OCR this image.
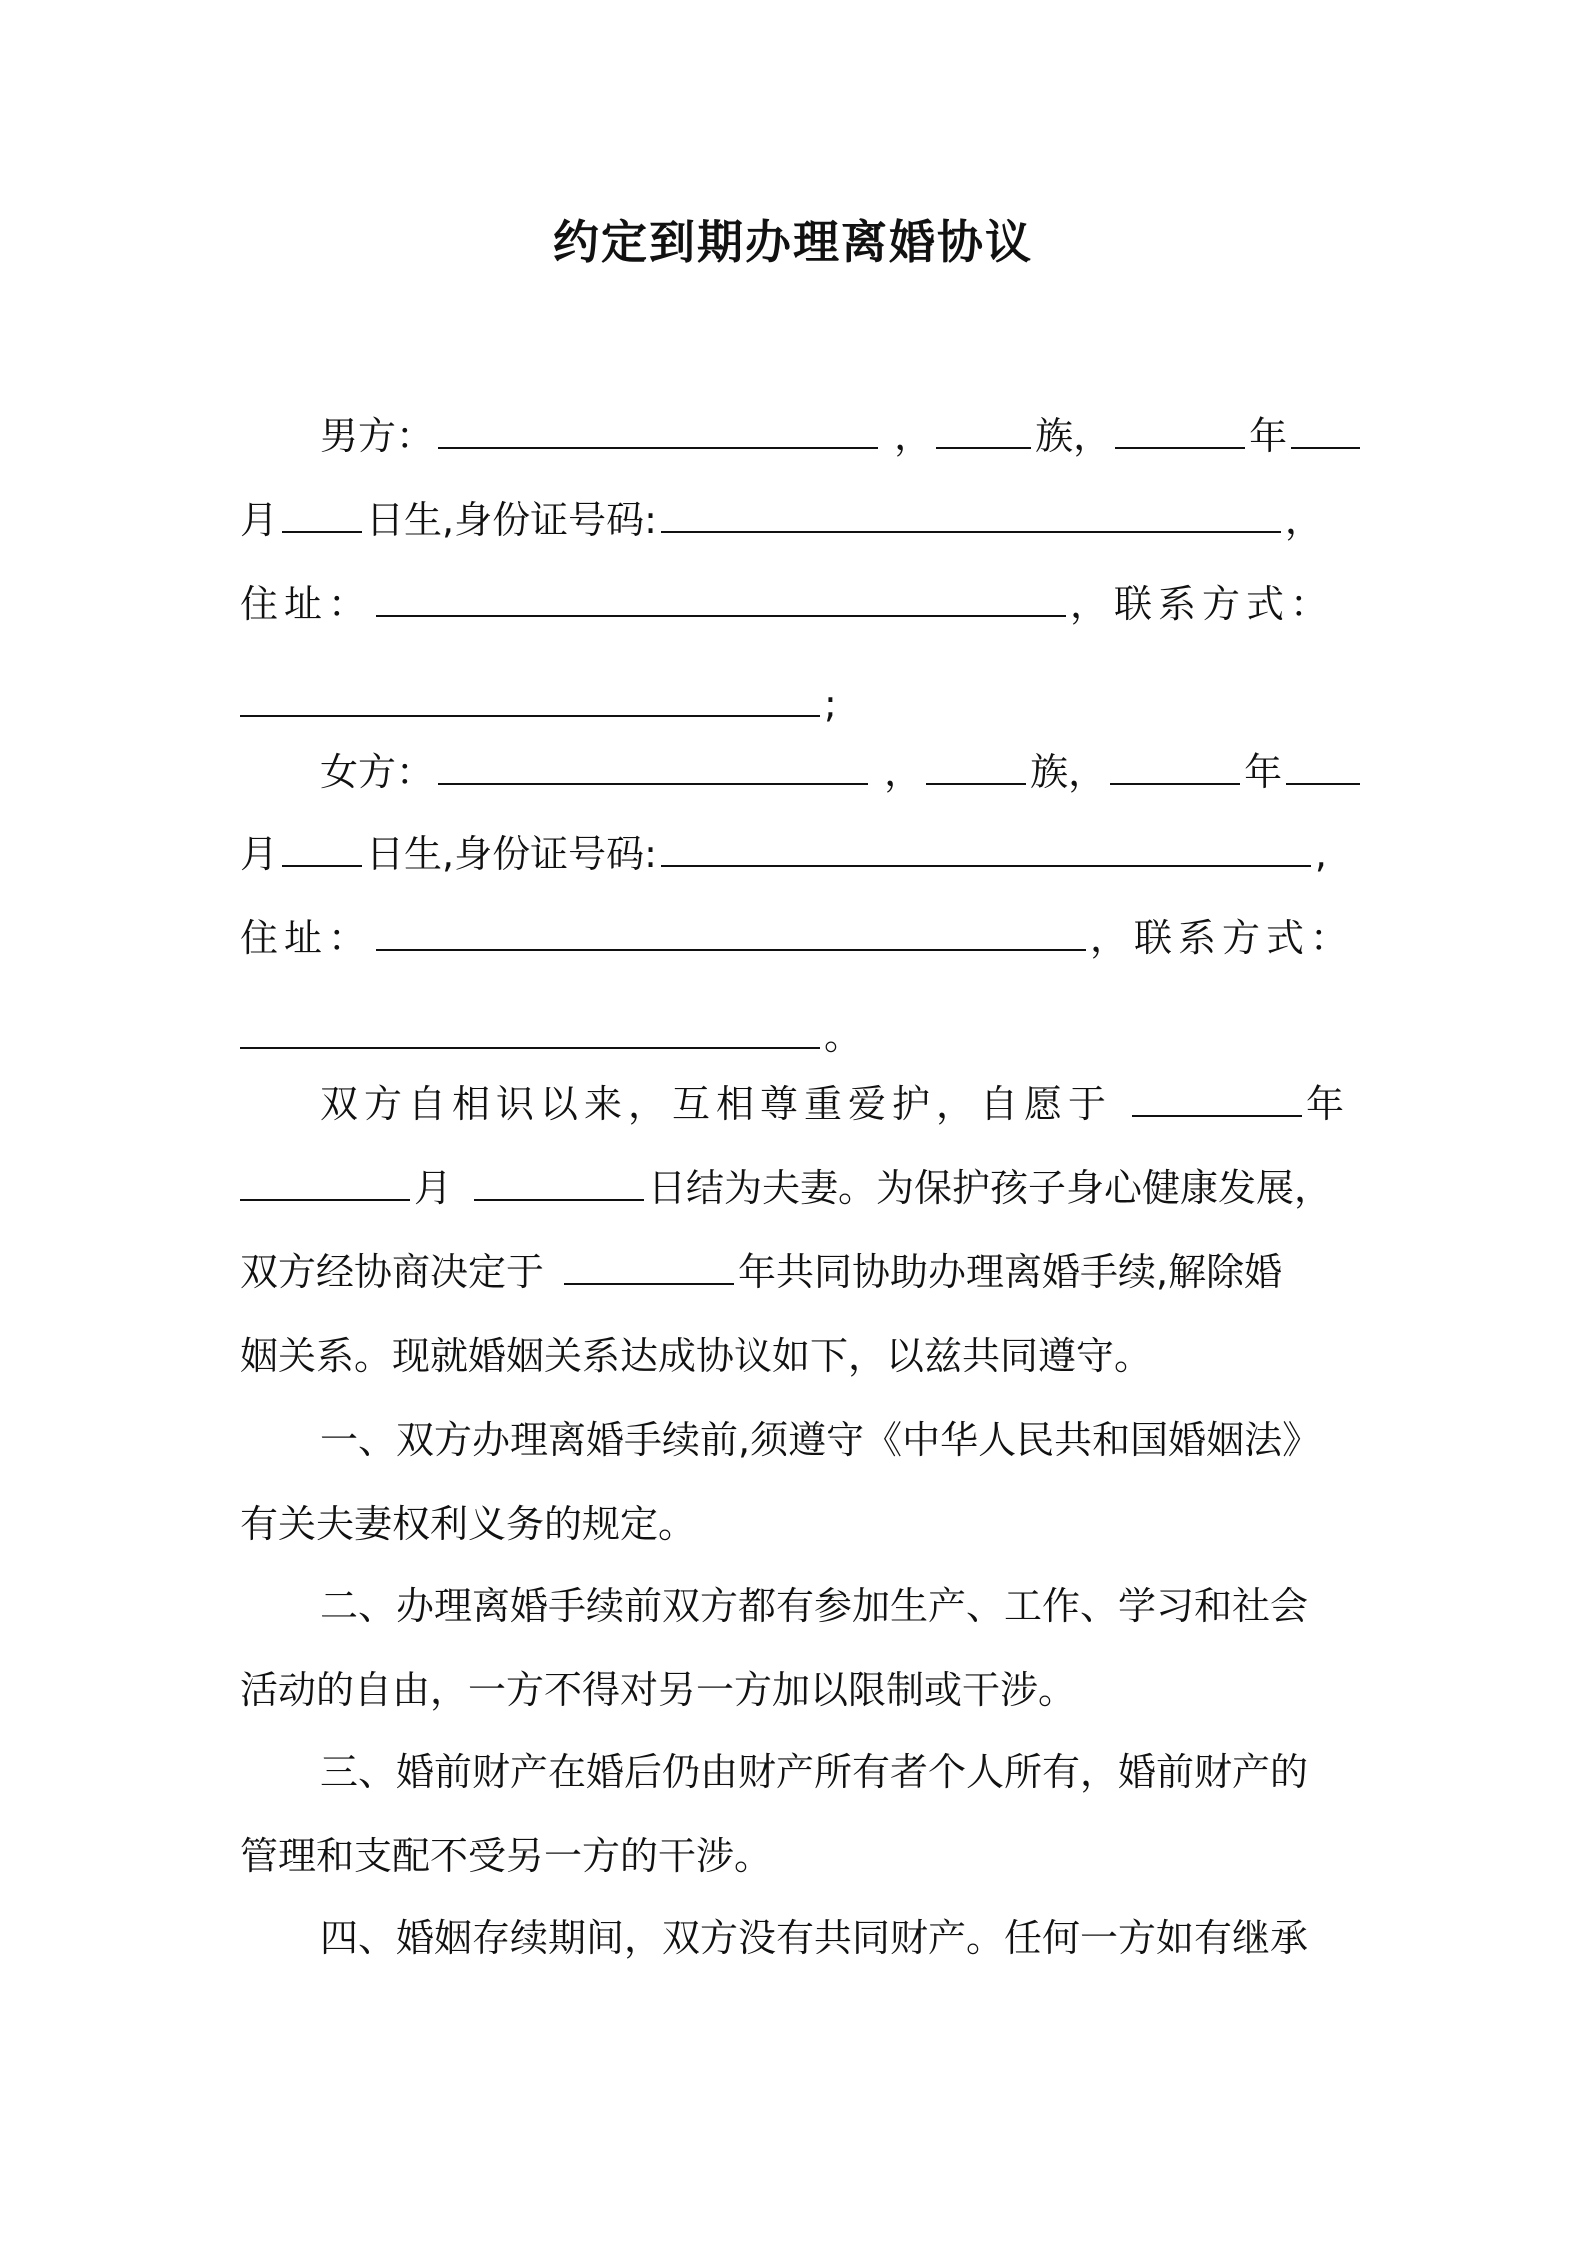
约定到期办理离婚协议
男方：	，	族，	年
月 日生,身份证号码:	，
住址：	，联系方式：
;
女方：	，	族，	年
月 日生,身份证号码:	,
住址：	，联系方式：
。
双方自相识以来，互相尊重爱护，自愿于	年
月	日结为夫妻。为保护孩子身心健康发展，
双方经协商决定于	年共同协助办理离婚手续,解除婚
姻关系。现就婚姻关系达成协议如下，以兹共同遵守。
一、双方办理离婚手续前,须遵守《中华人民共和国婚姻法》
有关夫妻权利义务的规定。
二、办理离婚手续前双方都有参加生产、工作、学习和社会
活动的自由，一方不得对另一方加以限制或干涉。
三、婚前财产在婚后仍由财产所有者个人所有，婚前财产的
管理和支配不受另一方的干涉。
四、婚姻存续期间，双方没有共同财产。任何一方如有继承
